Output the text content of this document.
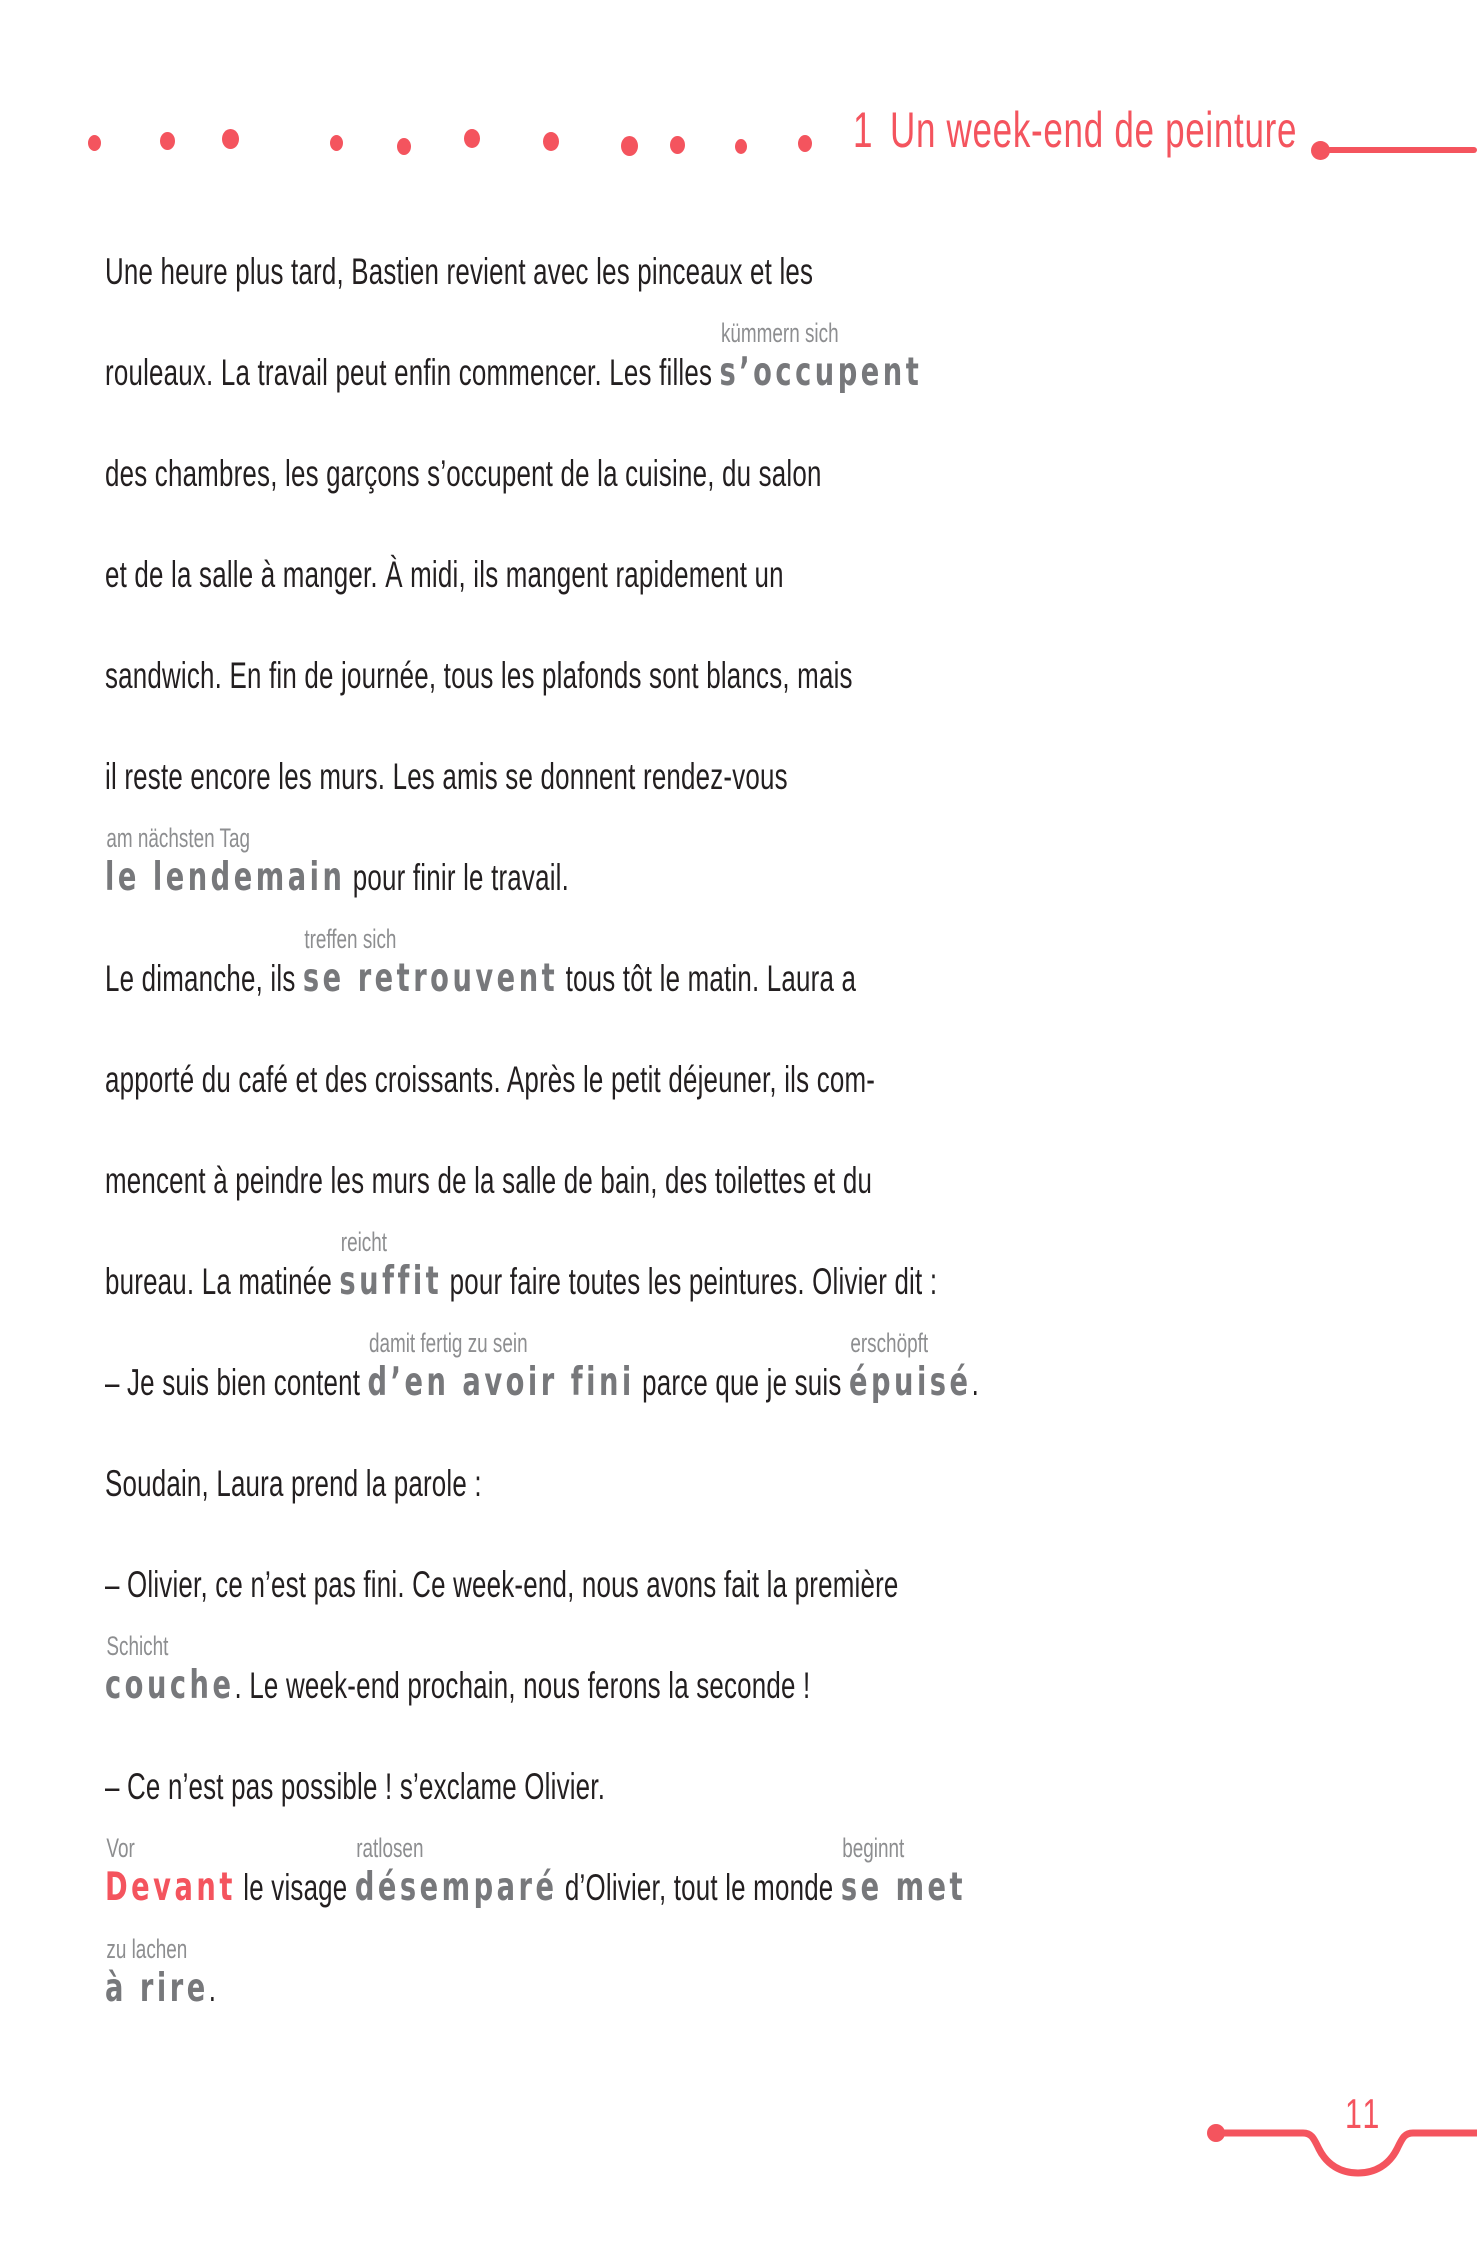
1 Un week-end de peinture
Une heure plus tard, Bastien revient avec les pinceaux et les
rouleaux. La travail peut enfin commencer. Les filles
kümmern sich
s’occupent
des chambres, les garçons s’occupent de la cuisine, du salon
et de la salle à manger. À midi, ils mangent rapidement un
sandwich. En fin de journée, tous les plafonds sont blancs, mais
il reste encore les murs. Les amis se donnent rendez-vous
am nächsten Tag
le lendemain pour finir le travail.
Le dimanche, ils
treffen sich
se retrouvent tous tôt le matin. Laura a
apporté du café et des croissants. Après le petit déjeuner, ils com-
mencent à peindre les murs de la salle de bain, des toilettes et du
bureau. La matinée
reicht
suffit pour faire toutes les peintures. Olivier dit :
– Je suis bien content
damit fertig zu sein
d’en avoir fini parce que je suis
erschöpft
épuisé.
Soudain, Laura prend la parole :
– Olivier, ce n’est pas fini. Ce week-end, nous avons fait la première
Schicht
couche. Le week-end prochain, nous ferons la seconde !
– Ce n’est pas possible ! s’exclame Olivier.
Vor
Devant le visage
ratlosen
désemparé d’Olivier, tout le monde
beginnt
se met
zu lachen
à rire.
11
